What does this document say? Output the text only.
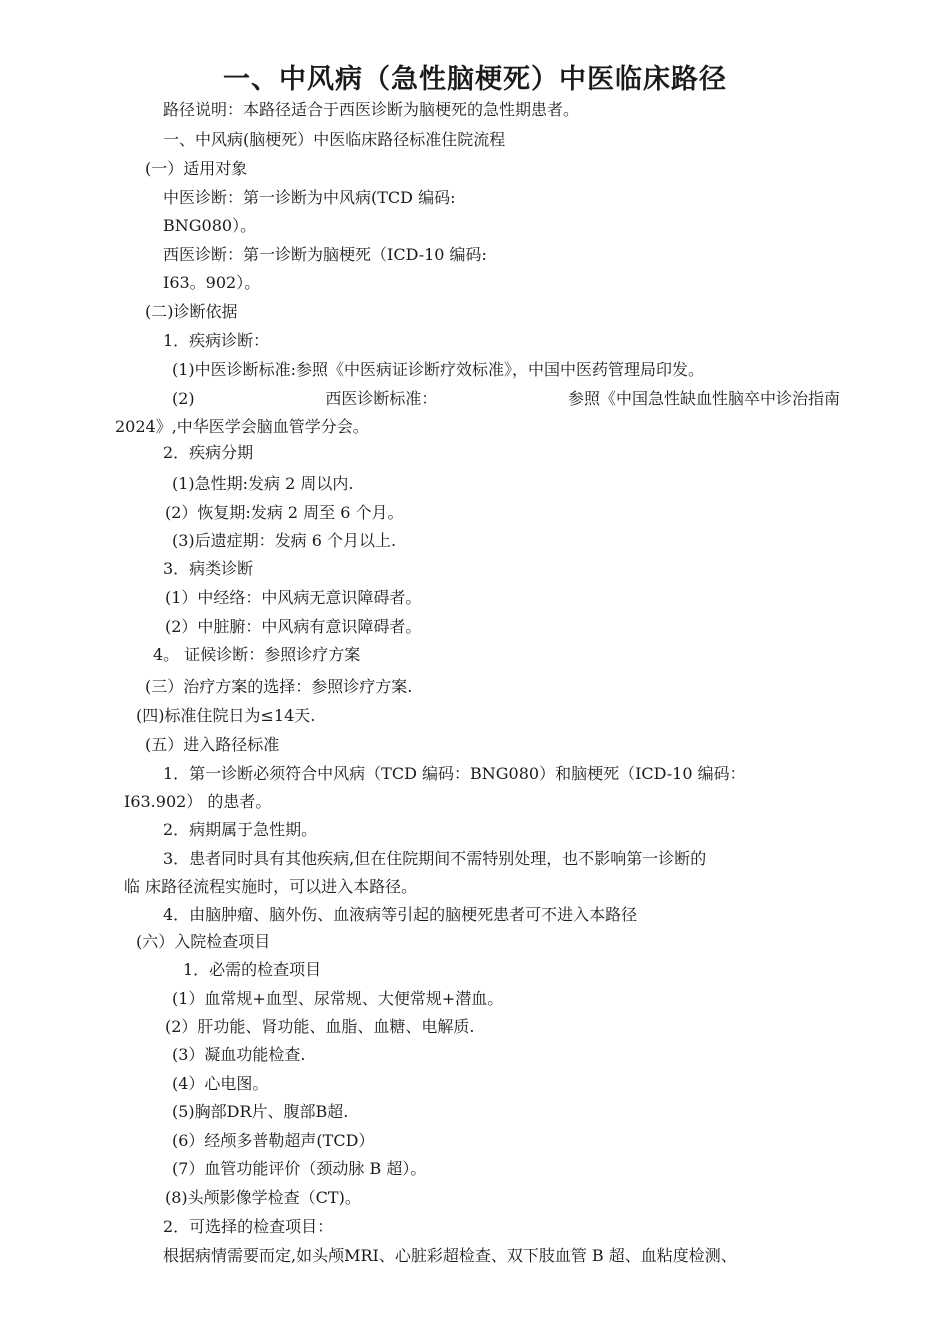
一、中风病（急性脑梗死）中医临床路径
路径说明：本路径适合于西医诊断为脑梗死的急性期患者。
一、中风病(脑梗死）中医临床路径标准住院流程
(一）适用对象
中医诊断：第一诊断为中风病(TCD 编码:
BNG080）。
西医诊断：第一诊断为脑梗死（ICD-10 编码:
I63。902）。
(二)诊断依据
1．疾病诊断：
(1)中医诊断标准:参照《中医病证诊断疗效标准》，中国中医药管理局印发。
(2)	西医诊断标准：	参照《中国急性缺血性脑卒中诊治指南
2024》,中华医学会脑血管学分会。
2．疾病分期
(1)急性期:发病 2 周以内.
(2）恢复期:发病 2 周至 6 个月。
(3)后遗症期：发病 6 个月以上.
3．病类诊断
(1）中经络：中风病无意识障碍者。
(2）中脏腑：中风病有意识障碍者。
4。 证候诊断：参照诊疗方案
(三）治疗方案的选择：参照诊疗方案.
(四)标准住院日为≤14天.
(五）进入路径标准
1．第一诊断必须符合中风病（TCD 编码：BNG080）和脑梗死（ICD-10 编码：
I63.902） 的患者。
2．病期属于急性期。
3．患者同时具有其他疾病,但在住院期间不需特别处理，也不影响第一诊断的
临 床路径流程实施时，可以进入本路径。
4．由脑肿瘤、脑外伤、血液病等引起的脑梗死患者可不进入本路径
(六）入院检查项目
1．必需的检查项目
(1）血常规+血型、尿常规、大便常规+潜血。
(2）肝功能、肾功能、血脂、血糖、电解质.
(3）凝血功能检查.
(4）心电图。
(5)胸部DR片、腹部B超.
(6）经颅多普勒超声(TCD）
(7）血管功能评价（颈动脉 B 超）。
(8)头颅影像学检查（CT)。
2．可选择的检查项目：
根据病情需要而定,如头颅MRI、心脏彩超检查、双下肢血管 B 超、血粘度检测、
